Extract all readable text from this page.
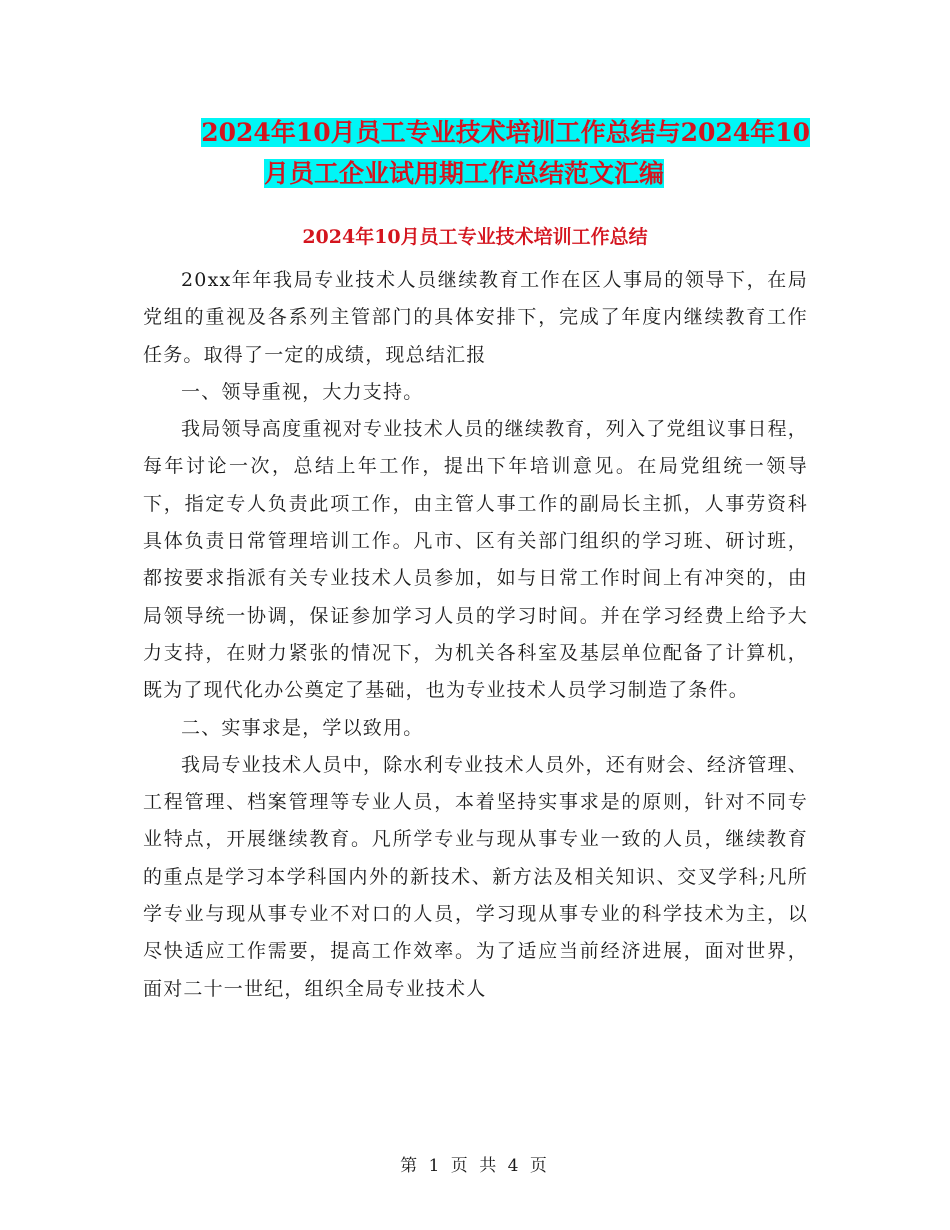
2024年10月员工专业技术培训工作总结与2024年10
月员工企业试用期工作总结范文汇编
2024年10月员工专业技术培训工作总结

20xx年年我局专业技术人员继续教育工作在区人事局的领导下，在局党组的重视及各系列主管部门的具体安排下，完成了年度内继续教育工作任务。取得了一定的成绩，现总结汇报

一、领导重视，大力支持。

我局领导高度重视对专业技术人员的继续教育，列入了党组议事日程，每年讨论一次，总结上年工作，提出下年培训意见。在局党组统一领导下，指定专人负责此项工作，由主管人事工作的副局长主抓，人事劳资科具体负责日常管理培训工作。凡市、区有关部门组织的学习班、研讨班，都按要求指派有关专业技术人员参加，如与日常工作时间上有冲突的，由局领导统一协调，保证参加学习人员的学习时间。并在学习经费上给予大力支持，在财力紧张的情况下，为机关各科室及基层单位配备了计算机，既为了现代化办公奠定了基础，也为专业技术人员学习制造了条件。

二、实事求是，学以致用。

我局专业技术人员中，除水利专业技术人员外，还有财会、经济管理、工程管理、档案管理等专业人员，本着坚持实事求是的原则，针对不同专业特点，开展继续教育。凡所学专业与现从事专业一致的人员，继续教育的重点是学习本学科国内外的新技术、新方法及相关知识、交叉学科;凡所学专业与现从事专业不对口的人员，学习现从事专业的科学技术为主，以尽快适应工作需要，提高工作效率。为了适应当前经济进展，面对世界，面对二十一世纪，组织全局专业技术人

第 1 页 共 4 页
